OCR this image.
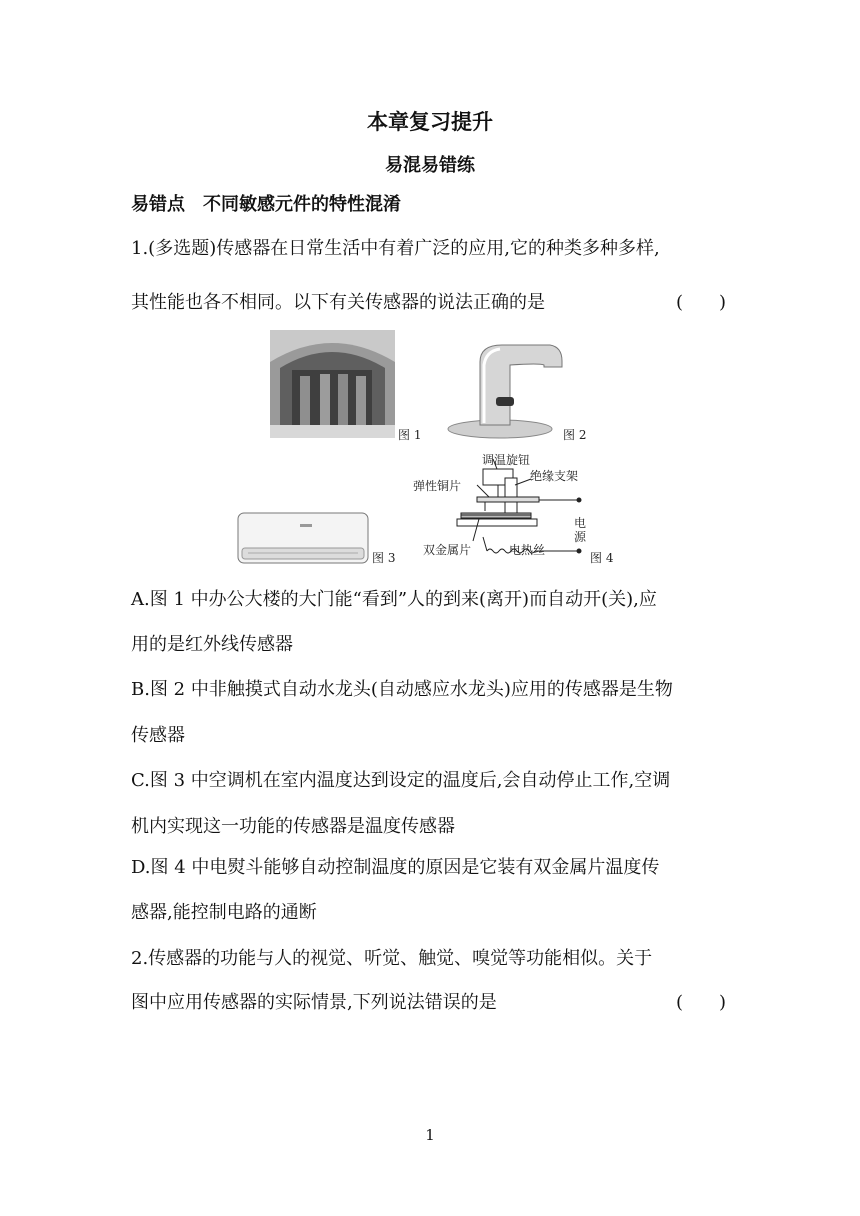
本章复习提升
易混易错练
易错点　不同敏感元件的特性混淆
1.(多选题)传感器在日常生活中有着广泛的应用,它的种类多种多样,
其性能也各不相同。以下有关传感器的说法正确的是	(　　)
图 1	图 2
图 3
调温旋钮
绝缘支架
弹性铜片
电
源
双金属片	电热丝
图 4
A.图 1 中办公大楼的大门能“看到”人的到来(离开)而自动开(关),应
用的是红外线传感器
B.图 2 中非触摸式自动水龙头(自动感应水龙头)应用的传感器是生物
传感器
C.图 3 中空调机在室内温度达到设定的温度后,会自动停止工作,空调
机内实现这一功能的传感器是温度传感器
D.图 4 中电熨斗能够自动控制温度的原因是它装有双金属片温度传
感器,能控制电路的通断
2.传感器的功能与人的视觉、听觉、触觉、嗅觉等功能相似。关于
图中应用传感器的实际情景,下列说法错误的是	(　　)
1
